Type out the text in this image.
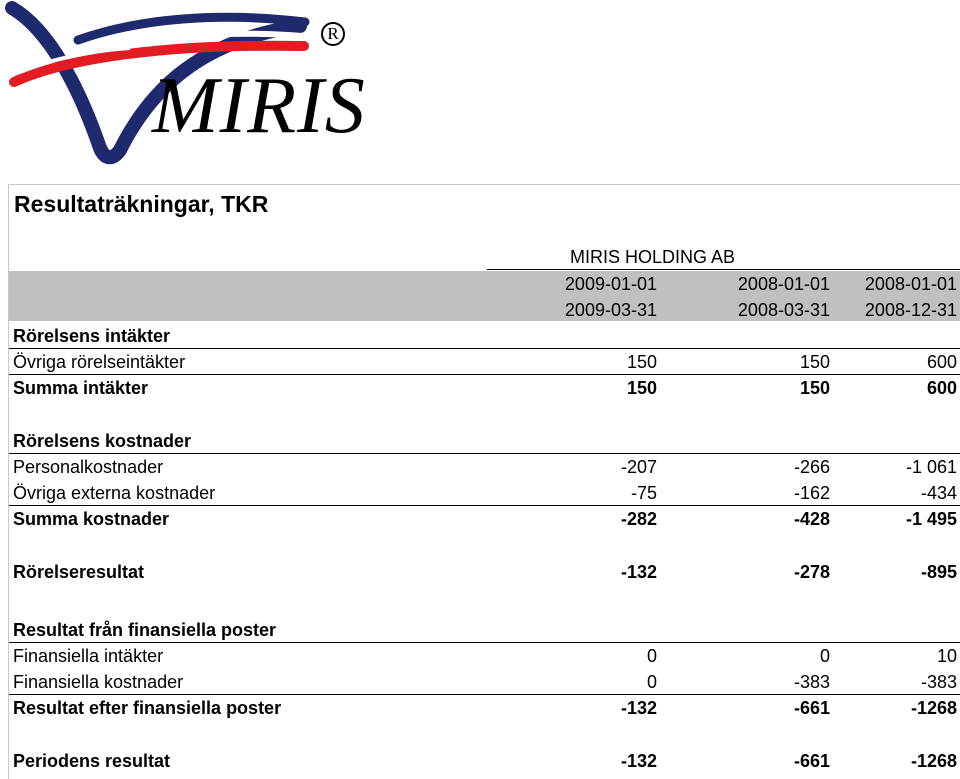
MIRIS
R
Resultaträkningar, TKR
MIRIS HOLDING AB
2009-01-01	2008-01-01 2008-01-01
2009-03-31	2008-03-31 2008-12-31
Rörelsens intäkter
Övriga rörelseintäkter	150	150	600
Summa intäkter	150	150	600
Rörelsens kostnader
Personalkostnader	-207	-266	-1 061
Övriga externa kostnader	-75	-162	-434
Summa kostnader	-282	-428	-1 495
Rörelseresultat	-132	-278	-895
Resultat från finansiella poster
Finansiella intäkter	0	0	10
Finansiella kostnader	0	-383	-383
Resultat efter finansiella poster	-132	-661	-1268
Periodens resultat	-132	-661	-1268
